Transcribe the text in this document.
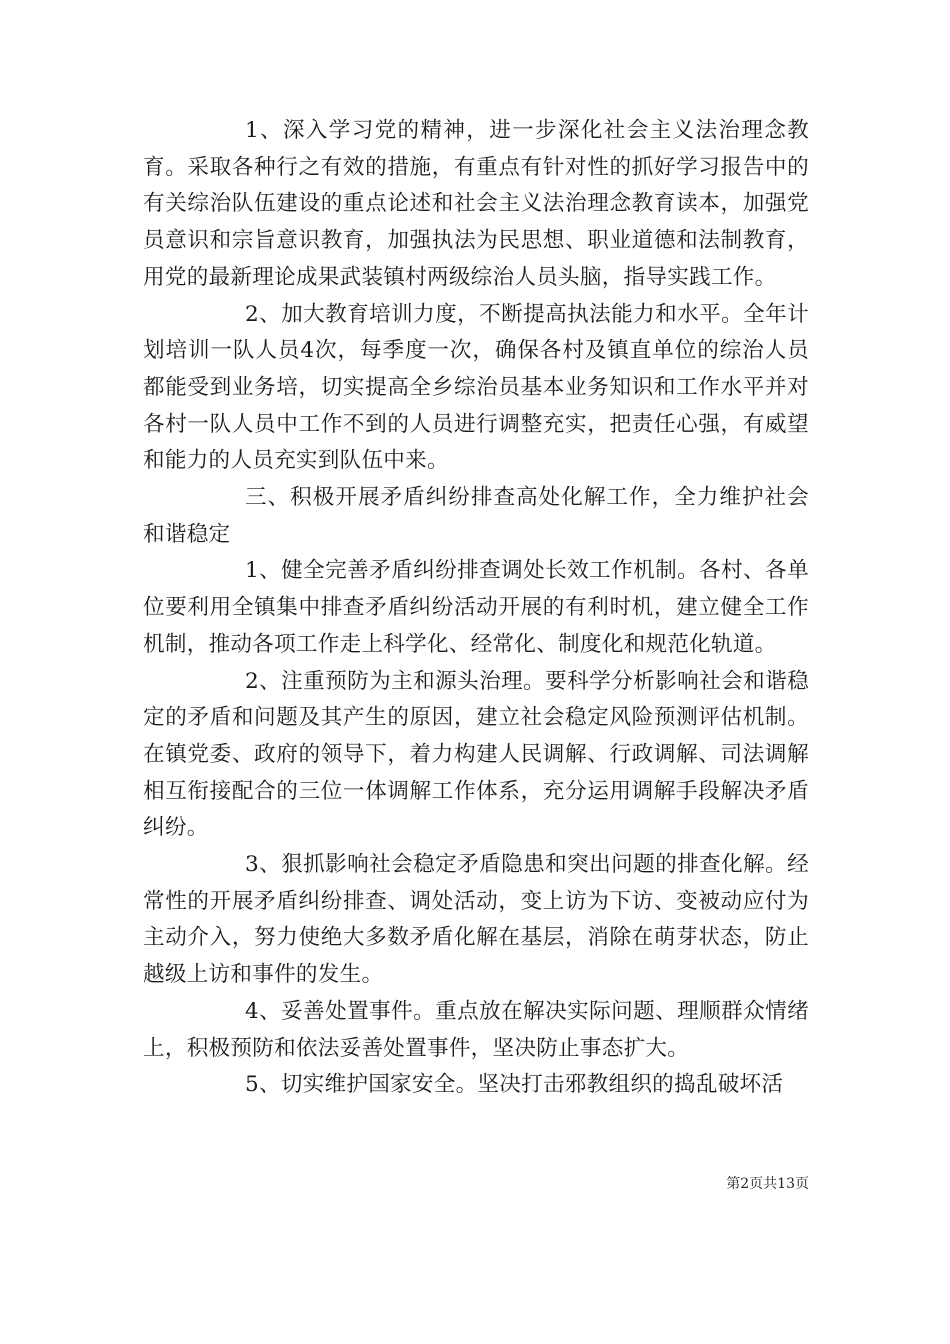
1、深入学习党的精神，进一步深化社会主义法治理念教育。采取各种行之有效的措施，有重点有针对性的抓好学习报告中的有关综治队伍建设的重点论述和社会主义法治理念教育读本，加强党员意识和宗旨意识教育，加强执法为民思想、职业道德和法制教育，用党的最新理论成果武装镇村两级综治人员头脑，指导实践工作。

2、加大教育培训力度，不断提高执法能力和水平。全年计划培训一队人员4次，每季度一次，确保各村及镇直单位的综治人员都能受到业务培，切实提高全乡综治员基本业务知识和工作水平并对各村一队人员中工作不到的人员进行调整充实，把责任心强，有威望和能力的人员充实到队伍中来。

三、积极开展矛盾纠纷排查高处化解工作，全力维护社会和谐稳定

1、健全完善矛盾纠纷排查调处长效工作机制。各村、各单位要利用全镇集中排查矛盾纠纷活动开展的有利时机，建立健全工作机制，推动各项工作走上科学化、经常化、制度化和规范化轨道。

2、注重预防为主和源头治理。要科学分析影响社会和谐稳定的矛盾和问题及其产生的原因，建立社会稳定风险预测评估机制。在镇党委、政府的领导下，着力构建人民调解、行政调解、司法调解相互衔接配合的三位一体调解工作体系，充分运用调解手段解决矛盾纠纷。

3、狠抓影响社会稳定矛盾隐患和突出问题的排查化解。经常性的开展矛盾纠纷排查、调处活动，变上访为下访、变被动应付为主动介入，努力使绝大多数矛盾化解在基层，消除在萌芽状态，防止越级上访和事件的发生。

4、妥善处置事件。重点放在解决实际问题、理顺群众情绪上，积极预防和依法妥善处置事件，坚决防止事态扩大。

5、切实维护国家安全。坚决打击邪教组织的捣乱破坏活

第2页共13页
